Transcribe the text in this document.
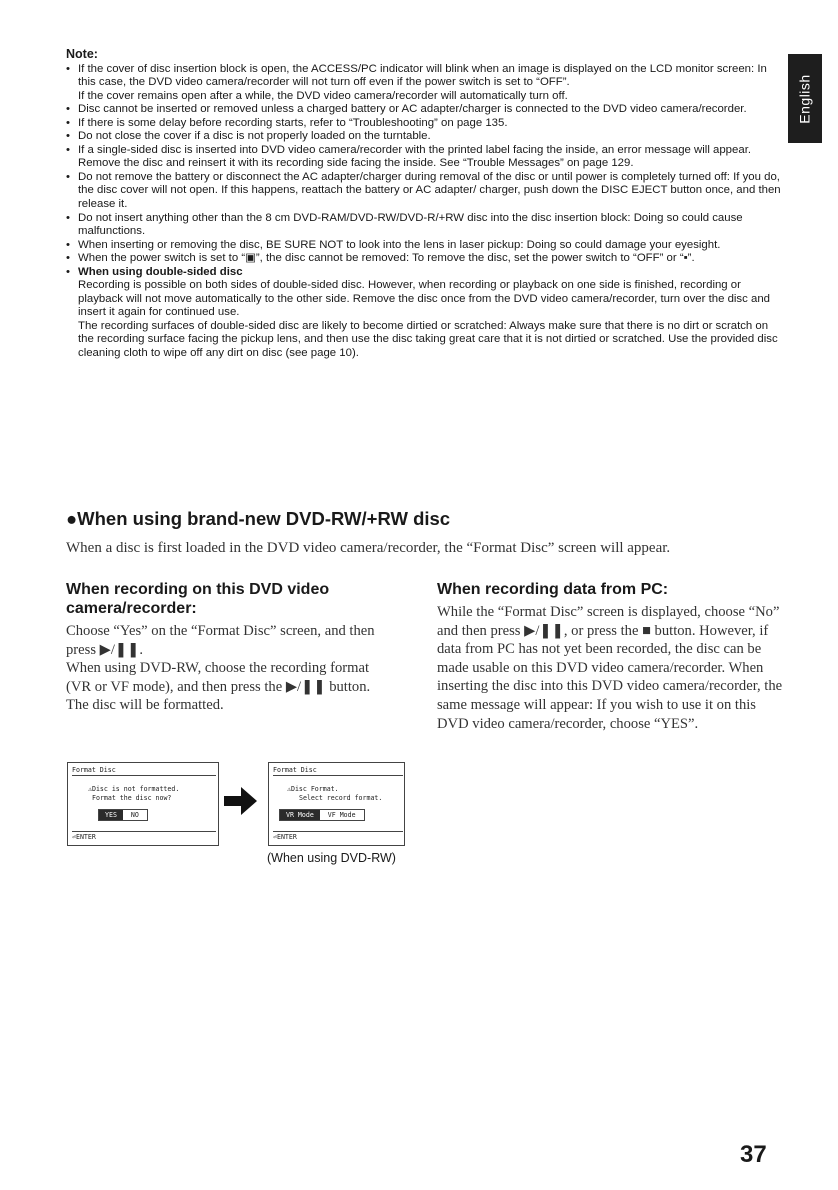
English
Note:

• If the cover of disc insertion block is open, the ACCESS/PC indicator will blink when an image is displayed on the LCD monitor screen: In this case, the DVD video camera/recorder will not turn off even if the power switch is set to “OFF”.

If the cover remains open after a while, the DVD video camera/recorder will automatically turn off.

• Disc cannot be inserted or removed unless a charged battery or AC adapter/charger is connected to the DVD video camera/recorder.

• If there is some delay before recording starts, refer to “Troubleshooting” on page 135.

• Do not close the cover if a disc is not properly loaded on the turntable.

• If a single-sided disc is inserted into DVD video camera/recorder with the printed label facing the inside, an error message will appear. Remove the disc and reinsert it with its recording side facing the inside. See “Trouble Messages” on page 129.

• Do not remove the battery or disconnect the AC adapter/charger during removal of the disc or until power is completely turned off: If you do, the disc cover will not open. If this happens, reattach the battery or AC adapter/ charger, push down the DISC EJECT button once, and then release it.

• Do not insert anything other than the 8 cm DVD-RAM/DVD-RW/DVD-R/+RW disc into the disc insertion block: Doing so could cause malfunctions.

• When inserting or removing the disc, BE SURE NOT to look into the lens in laser pickup: Doing so could damage your eyesight.

• When the power switch is set to “▣”, the disc cannot be removed: To remove the disc, set the power switch to “OFF” or “▪”.

• When using double-sided disc

Recording is possible on both sides of double-sided disc. However, when recording or playback on one side is finished, recording or playback will not move automatically to the other side. Remove the disc once from the DVD video camera/recorder, turn over the disc and insert it again for continued use.

The recording surfaces of double-sided disc are likely to become dirtied or scratched: Always make sure that there is no dirt or scratch on the recording surface facing the pickup lens, and then use the disc taking great care that it is not dirtied or scratched. Use the provided disc cleaning cloth to wipe off any dirt on disc (see page 10).

●When using brand-new DVD-RW/+RW disc
When a disc is first loaded in the DVD video camera/recorder, the “Format Disc” screen will appear.
When recording on this DVD video camera/recorder:

Choose “Yes” on the “Format Disc” screen, and then press ▶/❚❚.

When using DVD-RW, choose the recording format (VR or VF mode), and then press the ▶/❚❚ button.

The disc will be formatted.

When recording data from PC:

While the “Format Disc” screen is displayed, choose “No” and then press ▶/❚❚, or press the ■ button. However, if data from PC has not yet been recorded, the disc can be made usable on this DVD video camera/recorder. When inserting the disc into this DVD video camera/recorder, the same message will appear: If you wish to use it on this DVD video camera/recorder, choose “YES”.

Format Disc
⚠Disc is not formatted.
Format the disc now?
YES	NO
⏎ENTER
Format Disc
⚠Disc Format.
Select record format.
VR Mode	VF Mode
⏎ENTER
(When using DVD-RW)
37
